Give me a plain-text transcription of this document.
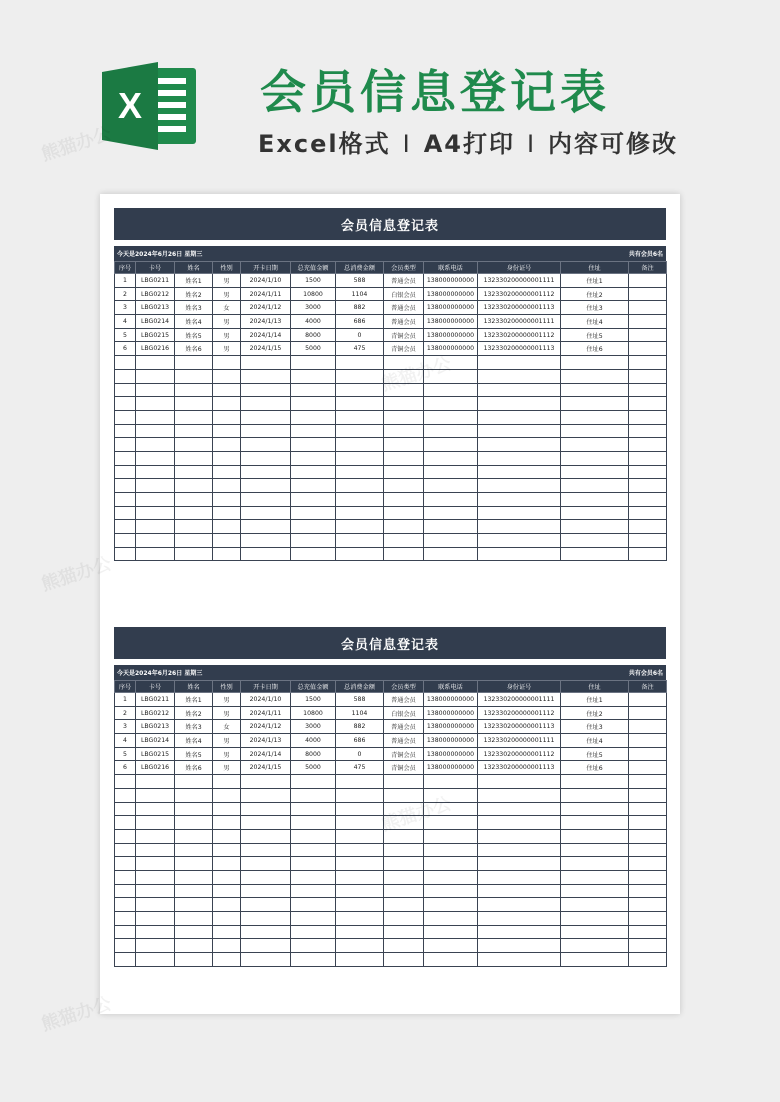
X	会员信息登记表
Excel格式 I A4打印 I 内容可修改
会员信息登记表
今天是2024年6月26日 星期三	共有会员6名
序号	卡号	姓名	性别	开卡日期	总充值金额	总消费金额	会员类型	联系电话	身份证号	住址	备注
1	LBG0211	姓名1	男	2024/1/10	1500	588	普通会员	138000000000	132330200000001111	住址1	
2	LBG0212	姓名2	男	2024/1/11	10800	1104	白银会员	138000000000	132330200000001112	住址2	
3	LBG0213	姓名3	女	2024/1/12	3000	882	普通会员	138000000000	132330200000001113	住址3	
4	LBG0214	姓名4	男	2024/1/13	4000	686	普通会员	138000000000	132330200000001111	住址4	
5	LBG0215	姓名5	男	2024/1/14	8000	0	青铜会员	138000000000	132330200000001112	住址5	
6	LBG0216	姓名6	男	2024/1/15	5000	475	青铜会员	138000000000	132330200000001113	住址6	

会员信息登记表
今天是2024年6月26日 星期三	共有会员6名
序号	卡号	姓名	性别	开卡日期	总充值金额	总消费金额	会员类型	联系电话	身份证号	住址	备注
1	LBG0211	姓名1	男	2024/1/10	1500	588	普通会员	138000000000	132330200000001111	住址1	
2	LBG0212	姓名2	男	2024/1/11	10800	1104	白银会员	138000000000	132330200000001112	住址2	
3	LBG0213	姓名3	女	2024/1/12	3000	882	普通会员	138000000000	132330200000001113	住址3	
4	LBG0214	姓名4	男	2024/1/13	4000	686	普通会员	138000000000	132330200000001111	住址4	
5	LBG0215	姓名5	男	2024/1/14	8000	0	青铜会员	138000000000	132330200000001112	住址5	
6	LBG0216	姓名6	男	2024/1/15	5000	475	青铜会员	138000000000	132330200000001113	住址6	

熊猫办公
熊猫办公
熊猫办公
